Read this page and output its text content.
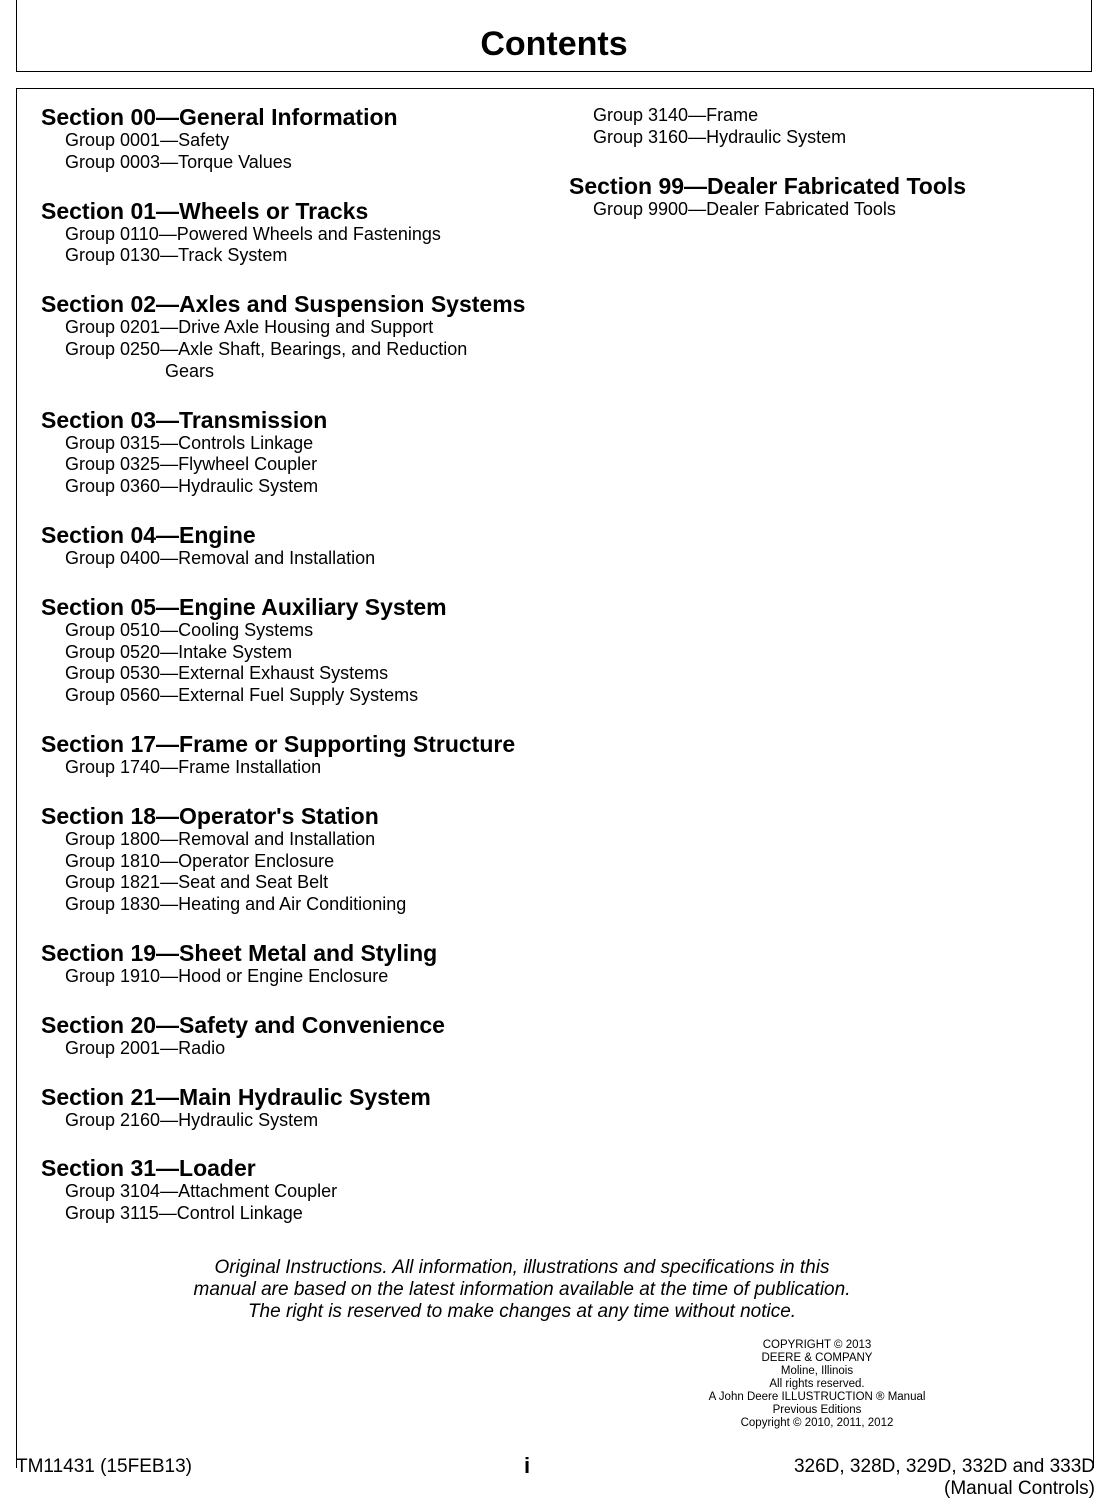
Contents
Section 00—General Information
Group 0001—Safety
Group 0003—Torque Values
Section 01—Wheels or Tracks
Group 0110—Powered Wheels and Fastenings
Group 0130—Track System
Section 02—Axles and Suspension Systems
Group 0201—Drive Axle Housing and Support
Group 0250—Axle Shaft, Bearings, and Reduction
Gears
Section 03—Transmission
Group 0315—Controls Linkage
Group 0325—Flywheel Coupler
Group 0360—Hydraulic System
Section 04—Engine
Group 0400—Removal and Installation
Section 05—Engine Auxiliary System
Group 0510—Cooling Systems
Group 0520—Intake System
Group 0530—External Exhaust Systems
Group 0560—External Fuel Supply Systems
Section 17—Frame or Supporting Structure
Group 1740—Frame Installation
Section 18—Operator's Station
Group 1800—Removal and Installation
Group 1810—Operator Enclosure
Group 1821—Seat and Seat Belt
Group 1830—Heating and Air Conditioning
Section 19—Sheet Metal and Styling
Group 1910—Hood or Engine Enclosure
Section 20—Safety and Convenience
Group 2001—Radio
Section 21—Main Hydraulic System
Group 2160—Hydraulic System
Section 31—Loader
Group 3104—Attachment Coupler
Group 3115—Control Linkage
Group 3140—Frame
Group 3160—Hydraulic System
Section 99—Dealer Fabricated Tools
Group 9900—Dealer Fabricated Tools
Original Instructions. All information, illustrations and specifications in this
manual are based on the latest information available at the time of publication.
The right is reserved to make changes at any time without notice.
COPYRIGHT © 2013
DEERE & COMPANY
Moline, Illinois
All rights reserved.
A John Deere ILLUSTRUCTION ® Manual
Previous Editions
Copyright © 2010, 2011, 2012
TM11431 (15FEB13)	i	326D, 328D, 329D, 332D and 333D
(Manual Controls)
